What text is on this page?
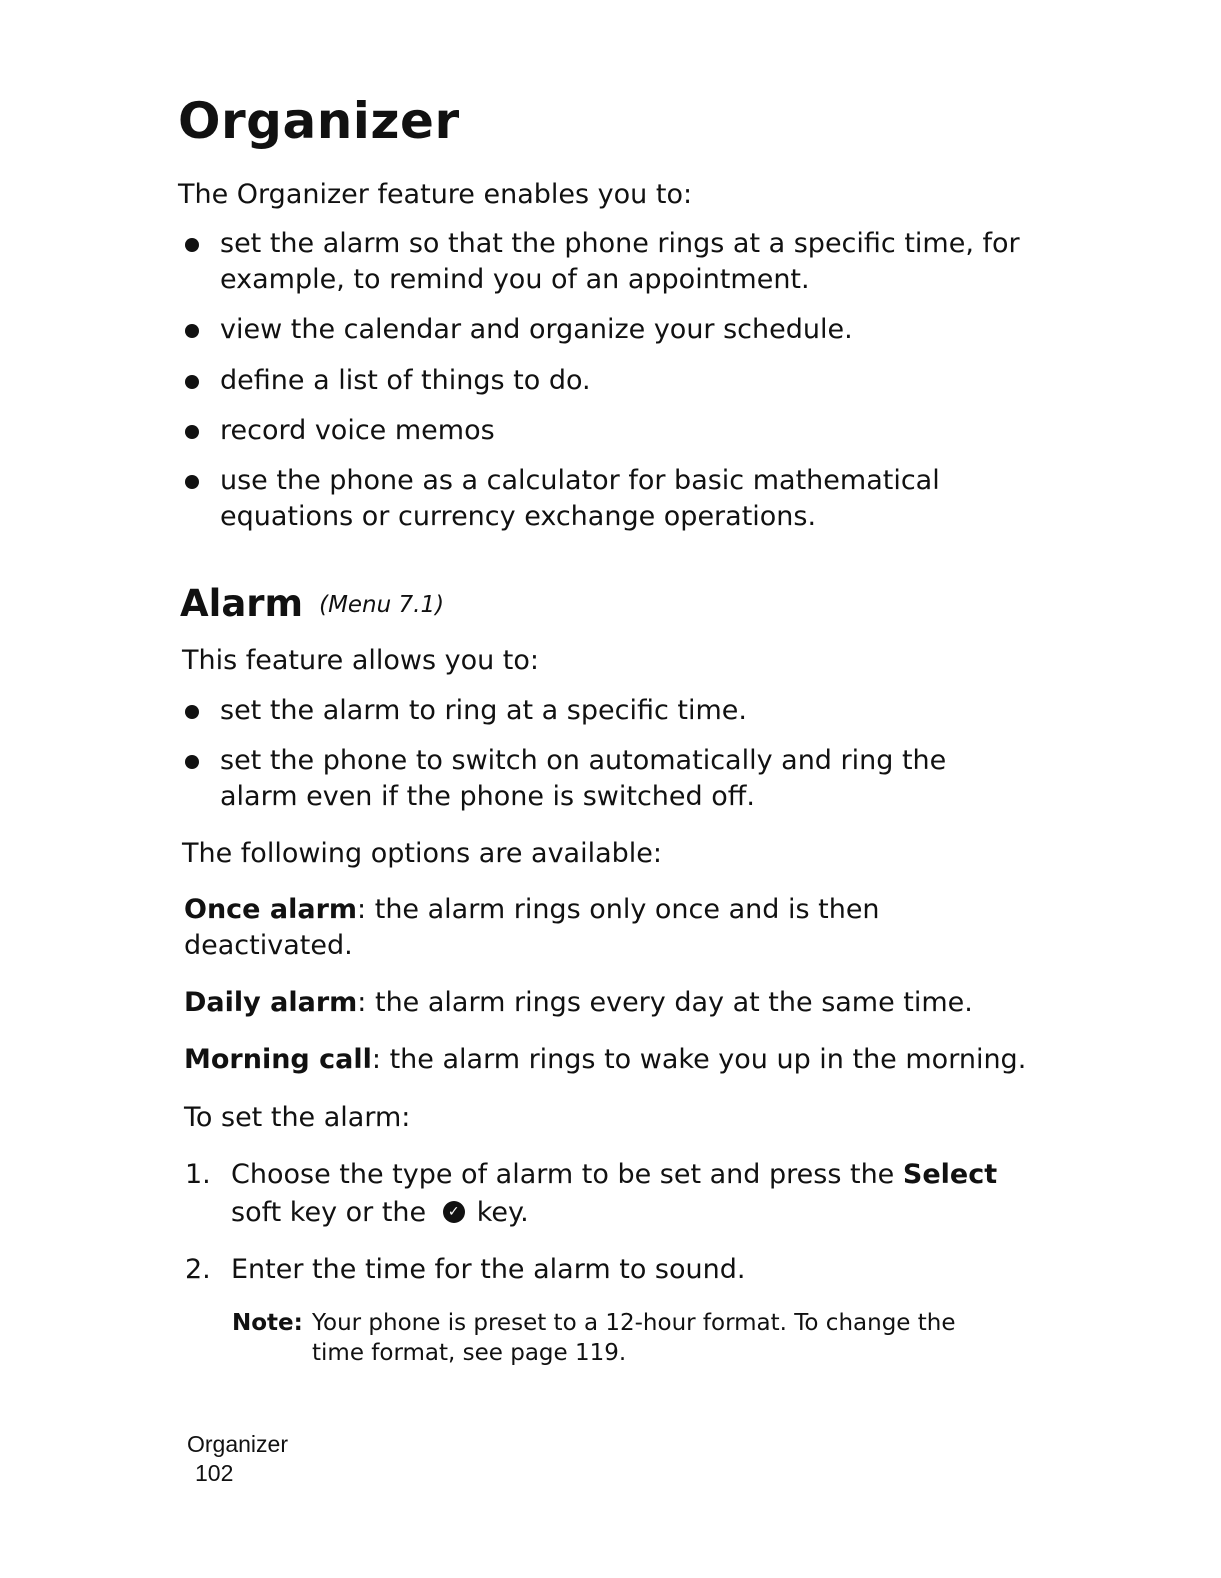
Organizer

The Organizer feature enables you to:

set the alarm so that the phone rings at a specific time, for example, to remind you of an appointment.
view the calendar and organize your schedule.
define a list of things to do.
record voice memos
use the phone as a calculator for basic mathematical equations or currency exchange operations.
Alarm (Menu 7.1)

This feature allows you to:

set the alarm to ring at a specific time.
set the phone to switch on automatically and ring the alarm even if the phone is switched off.

The following options are available:

Once alarm: the alarm rings only once and is then deactivated.

Daily alarm: the alarm rings every day at the same time.

Morning call: the alarm rings to wake you up in the morning.

To set the alarm:

1. Choose the type of alarm to be set and press the Select
soft key or the ✓ key.
2. Enter the time for the alarm to sound.
Note: Your phone is preset to a 12-hour format. To change the time format, see page 119.
Organizer
102
